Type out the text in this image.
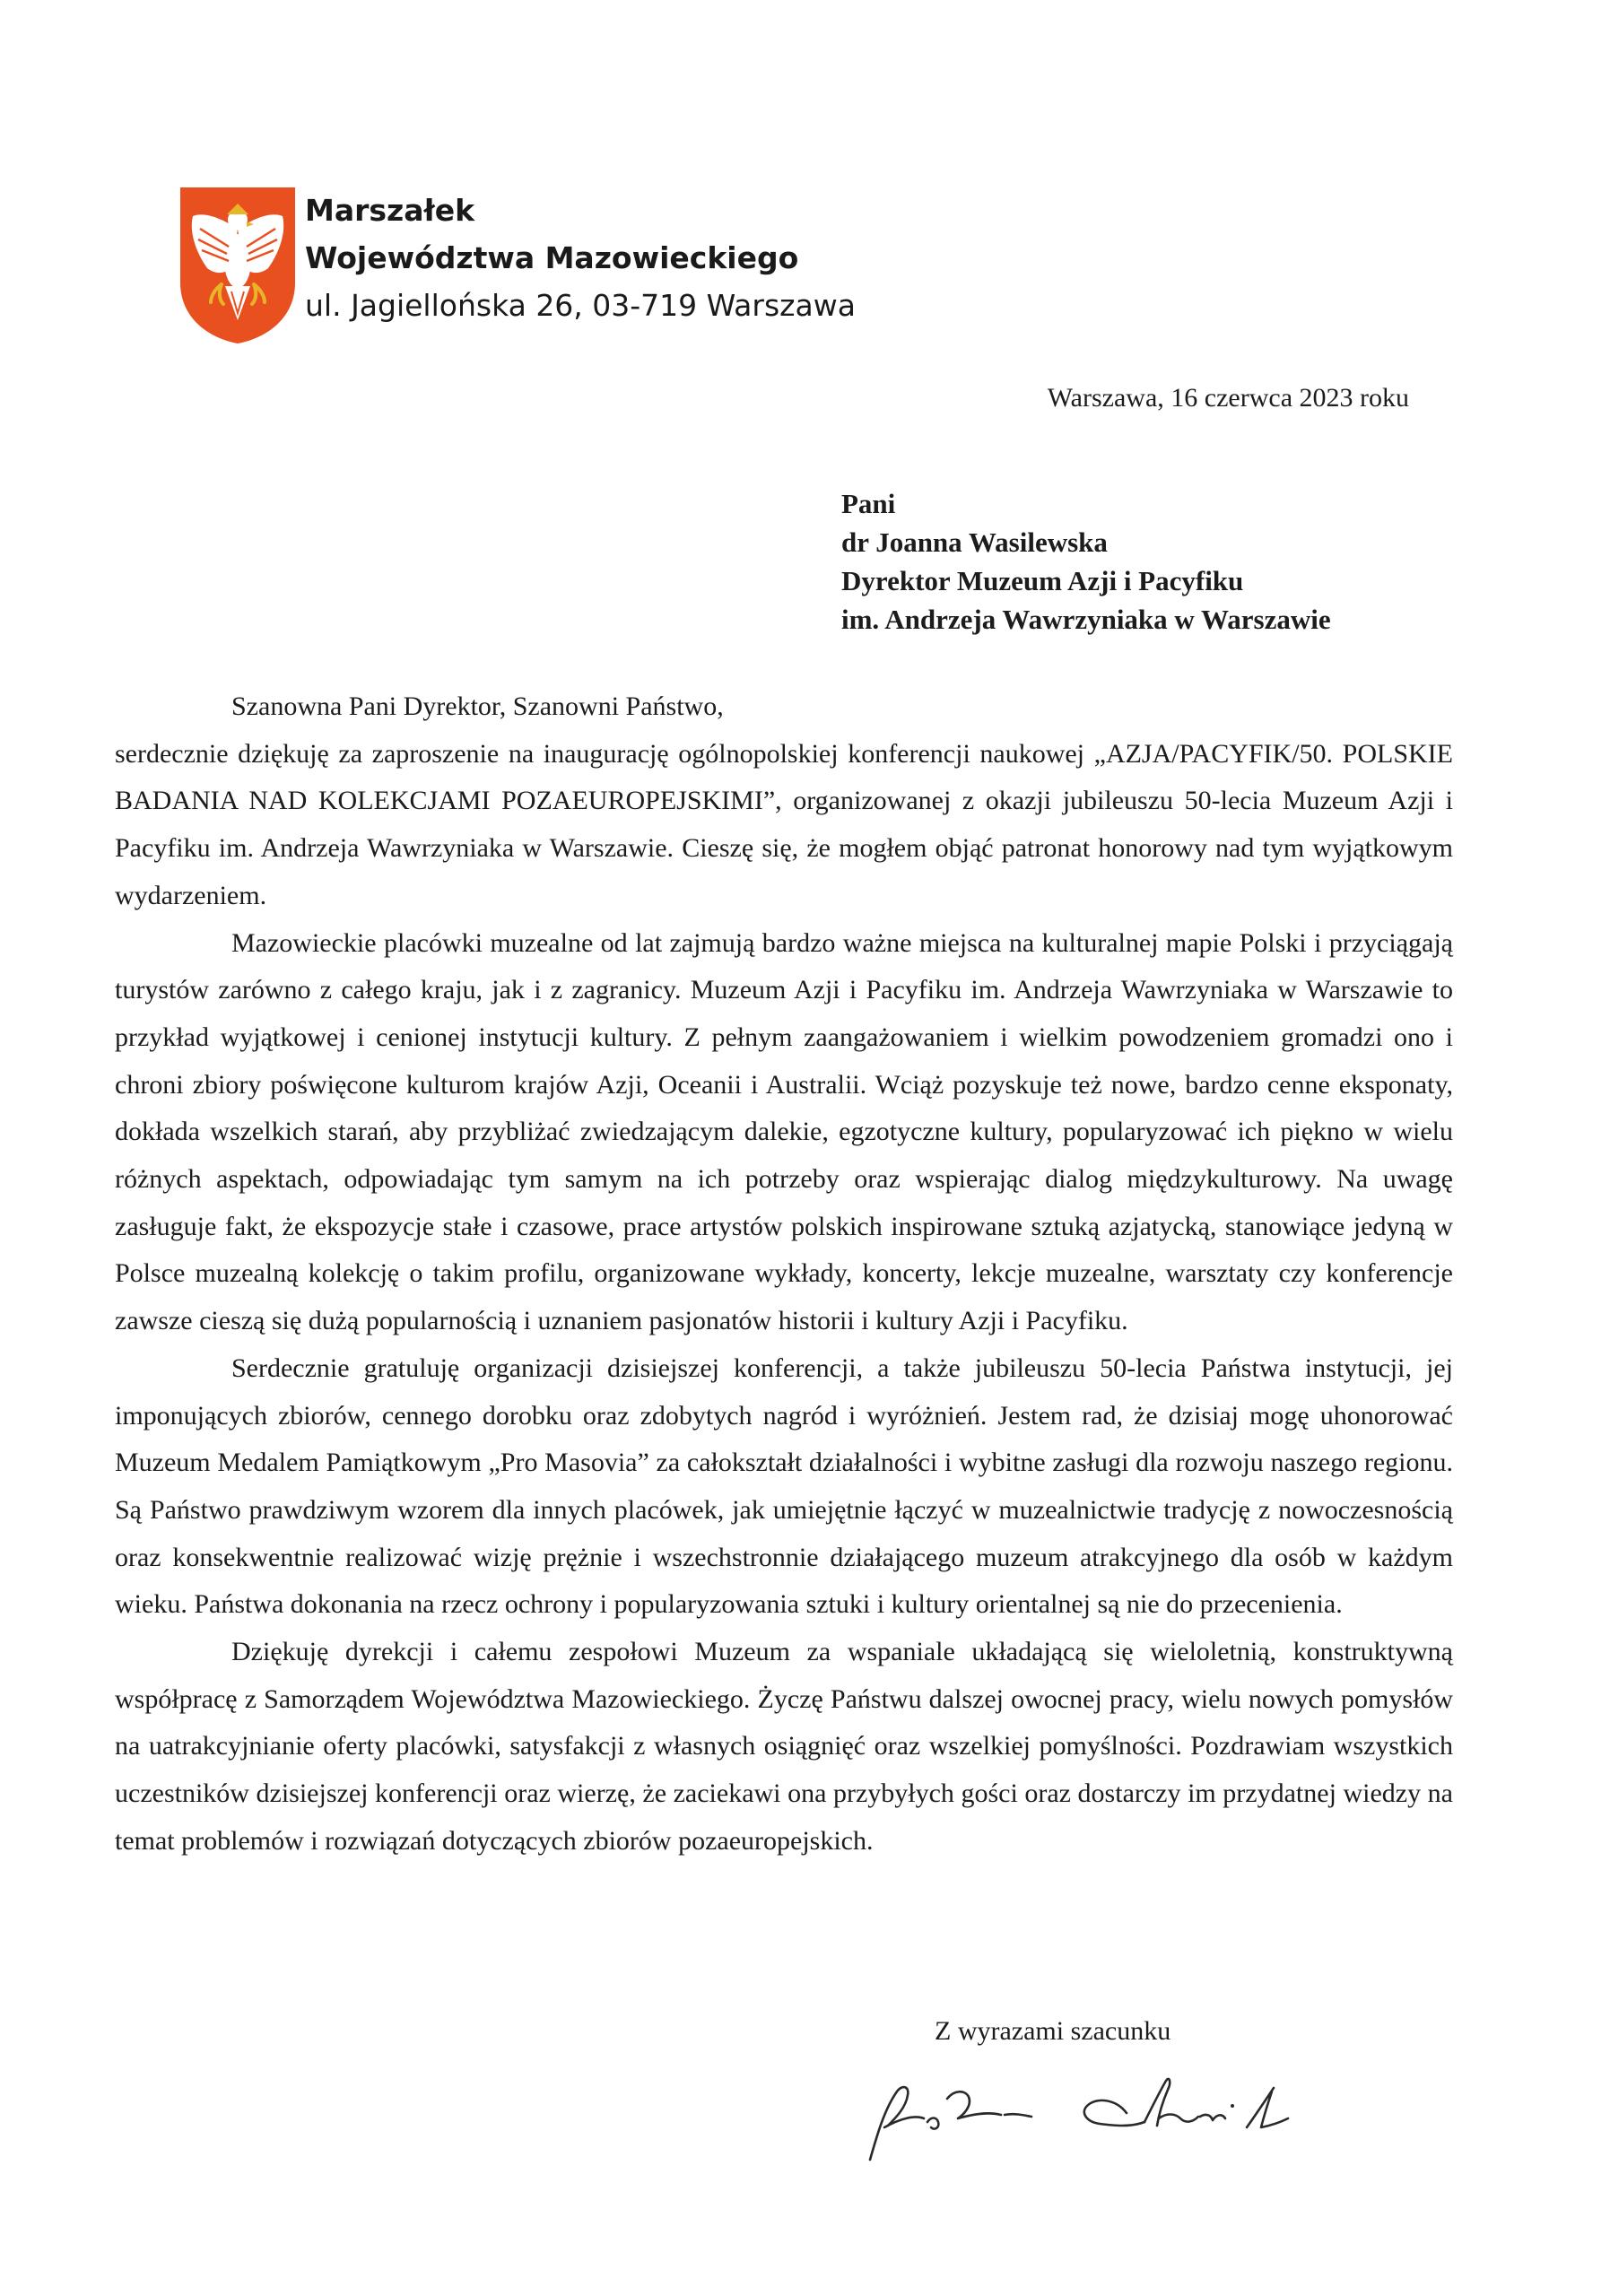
Marszałek
Województwa Mazowieckiego
ul. Jagiellońska 26, 03-719 Warszawa
Warszawa, 16 czerwca 2023 roku
Pani
dr Joanna Wasilewska
Dyrektor Muzeum Azji i Pacyfiku
im. Andrzeja Wawrzyniaka w Warszawie

Szanowna Pani Dyrektor, Szanowni Państwo,

serdecznie dziękuję za zaproszenie na inaugurację ogólnopolskiej konferencji naukowej „AZJA/PACYFIK/50. POLSKIE BADANIA NAD KOLEKCJAMI POZAEUROPEJSKIMI”, organizowanej z okazji jubileuszu 50-lecia Muzeum Azji i Pacyfiku im. Andrzeja Wawrzyniaka w Warszawie. Cieszę się, że mogłem objąć patronat honorowy nad tym wyjątkowym wydarzeniem.

Mazowieckie placówki muzealne od lat zajmują bardzo ważne miejsca na kulturalnej mapie Polski i przyciągają turystów zarówno z całego kraju, jak i z zagranicy. Muzeum Azji i Pacyfiku im. Andrzeja Wawrzyniaka w Warszawie to przykład wyjątkowej i cenionej instytucji kultury. Z pełnym zaangażowaniem i wielkim powodzeniem gromadzi ono i chroni zbiory poświęcone kulturom krajów Azji, Oceanii i Australii. Wciąż pozyskuje też nowe, bardzo cenne eksponaty, dokłada wszelkich starań, aby przybliżać zwiedzającym dalekie, egzotyczne kultury, popularyzować ich piękno w wielu różnych aspektach, odpowiadając tym samym na ich potrzeby oraz wspierając dialog międzykulturowy. Na uwagę zasługuje fakt, że ekspozycje stałe i czasowe, prace artystów polskich inspirowane sztuką azjatycką, stanowiące jedyną w Polsce muzealną kolekcję o takim profilu, organizowane wykłady, koncerty, lekcje muzealne, warsztaty czy konferencje zawsze cieszą się dużą popularnością i uznaniem pasjonatów historii i kultury Azji i Pacyfiku.

Serdecznie gratuluję organizacji dzisiejszej konferencji, a także jubileuszu 50-lecia Państwa instytucji, jej imponujących zbiorów, cennego dorobku oraz zdobytych nagród i wyróżnień. Jestem rad, że dzisiaj mogę uhonorować Muzeum Medalem Pamiątkowym „Pro Masovia” za całokształt działalności i wybitne zasługi dla rozwoju naszego regionu. Są Państwo prawdziwym wzorem dla innych placówek, jak umiejętnie łączyć w muzealnictwie tradycję z nowoczesnością oraz konsekwentnie realizować wizję prężnie i wszechstronnie działającego muzeum atrakcyjnego dla osób w każdym wieku. Państwa dokonania na rzecz ochrony i popularyzowania sztuki i kultury orientalnej są nie do przecenienia.

Dziękuję dyrekcji i całemu zespołowi Muzeum za wspaniale układającą się wieloletnią, konstruktywną współpracę z Samorządem Województwa Mazowieckiego. Życzę Państwu dalszej owocnej pracy, wielu nowych pomysłów na uatrakcyjnianie oferty placówki, satysfakcji z własnych osiągnięć oraz wszelkiej pomyślności. Pozdrawiam wszystkich uczestników dzisiejszej konferencji oraz wierzę, że zaciekawi ona przybyłych gości oraz dostarczy im przydatnej wiedzy na temat problemów i rozwiązań dotyczących zbiorów pozaeuropejskich.

Z wyrazami szacunku
